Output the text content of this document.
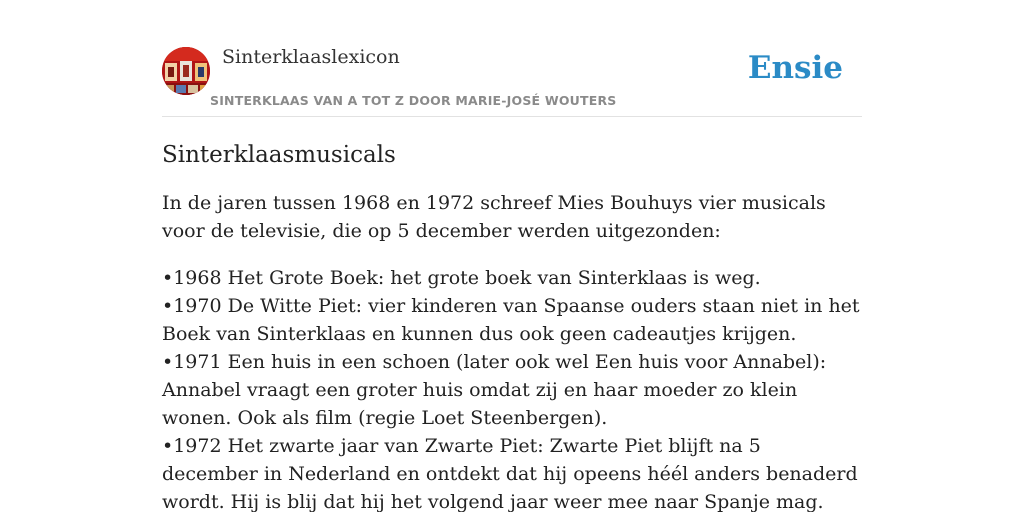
Sinterklaaslexicon
SINTERKLAAS VAN A TOT Z DOOR MARIE-JOSÉ WOUTERS
Ensie
Sinterklaasmusicals

In de jaren tussen 1968 en 1972 schreef Mies Bouhuys vier musicals voor de televisie, die op 5 december werden uitgezonden:

•1968 Het Grote Boek: het grote boek van Sinterklaas is weg.
•1970 De Witte Piet: vier kinderen van Spaanse ouders staan niet in het Boek van Sinterklaas en kunnen dus ook geen cadeautjes krijgen.
•1971 Een huis in een schoen (later ook wel Een huis voor Annabel): Annabel vraagt een groter huis omdat zij en haar moeder zo klein wonen. Ook als film (regie Loet Steenbergen).
•1972 Het zwarte jaar van Zwarte Piet: Zwarte Piet blijft na 5 december in Nederland en ontdekt dat hij opeens héél anders benaderd wordt. Hij is blij dat hij het volgend jaar weer mee naar Spanje mag.
